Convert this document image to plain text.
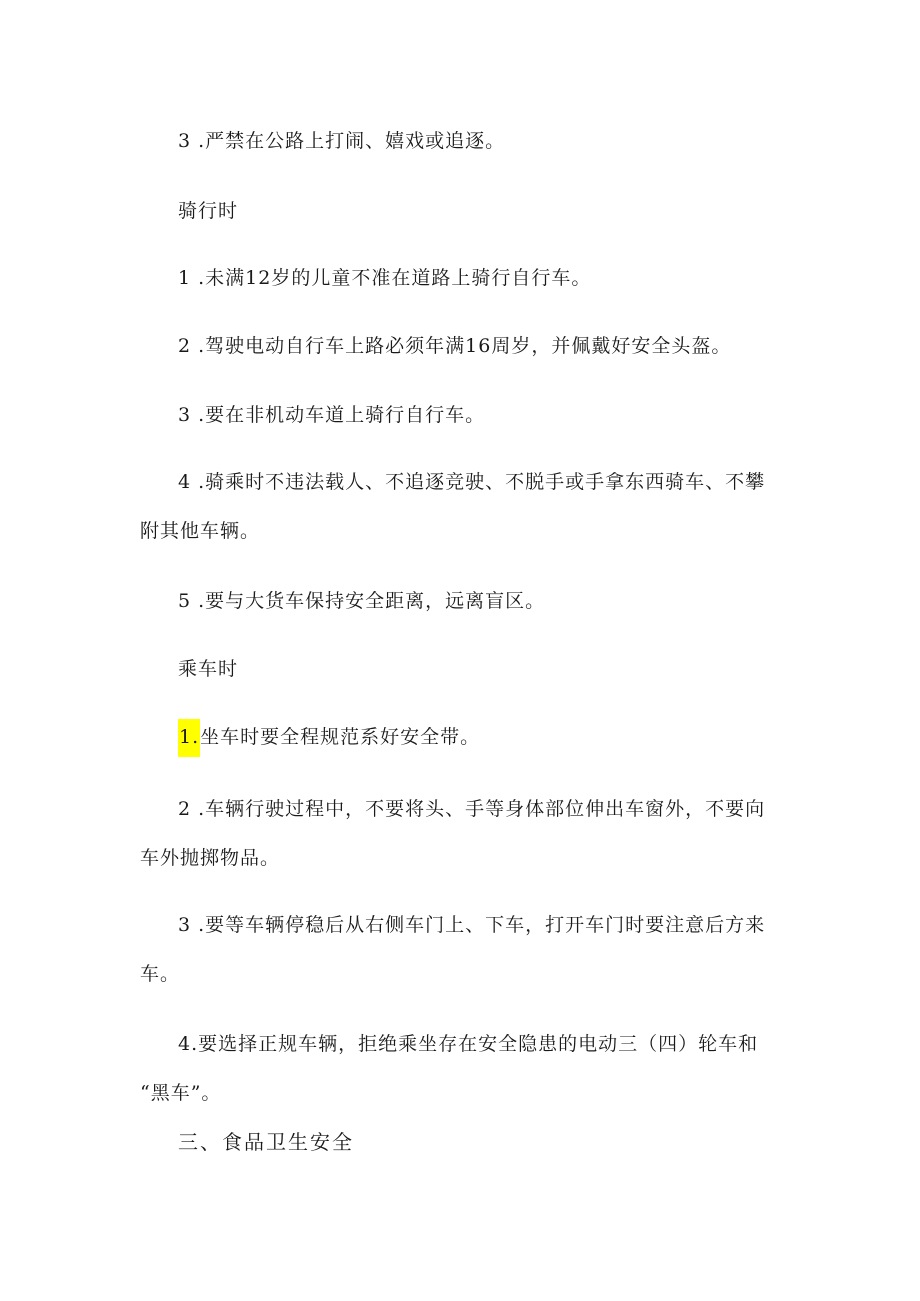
3 .严禁在公路上打闹、嬉戏或追逐。
骑行时
1 .未满12岁的儿童不准在道路上骑行自行车。
2 .驾驶电动自行车上路必须年满16周岁，并佩戴好安全头盔。
3 .要在非机动车道上骑行自行车。
4 .骑乘时不违法载人、不追逐竞驶、不脱手或手拿东西骑车、不攀
附其他车辆。
5 .要与大货车保持安全距离，远离盲区。
乘车时
1.坐车时要全程规范系好安全带。
2 .车辆行驶过程中，不要将头、手等身体部位伸出车窗外，不要向
车外抛掷物品。
3 .要等车辆停稳后从右侧车门上、下车，打开车门时要注意后方来
车。
4.要选择正规车辆，拒绝乘坐存在安全隐患的电动三（四）轮车和
“黑车”。
三、食品卫生安全
